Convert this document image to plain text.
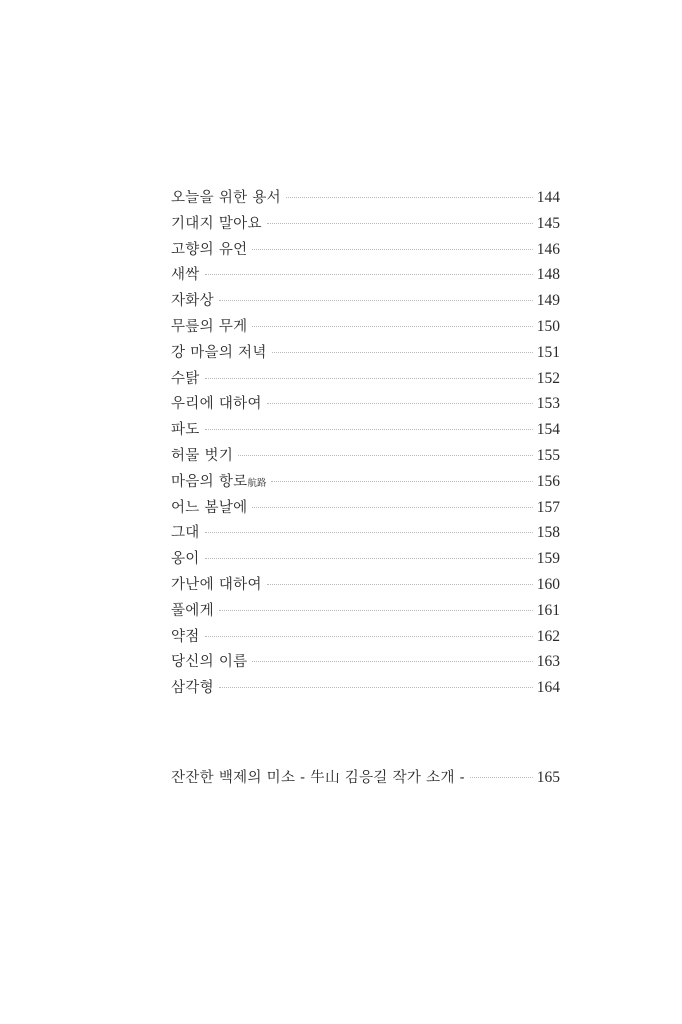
오늘을 위한 용서	144
기대지 말아요	145
고향의 유언	146
새싹	148
자화상	149
무릎의 무게	150
강 마을의 저녁	151
수탉	152
우리에 대하여	153
파도	154
허물 벗기	155
마음의 항로航路	156
어느 봄날에	157
그대	158
옹이	159
가난에 대하여	160
풀에게	161
약점	162
당신의 이름	163
삼각형	164
잔잔한 백제의 미소 - 牛山 김응길 작가 소개 -	165
